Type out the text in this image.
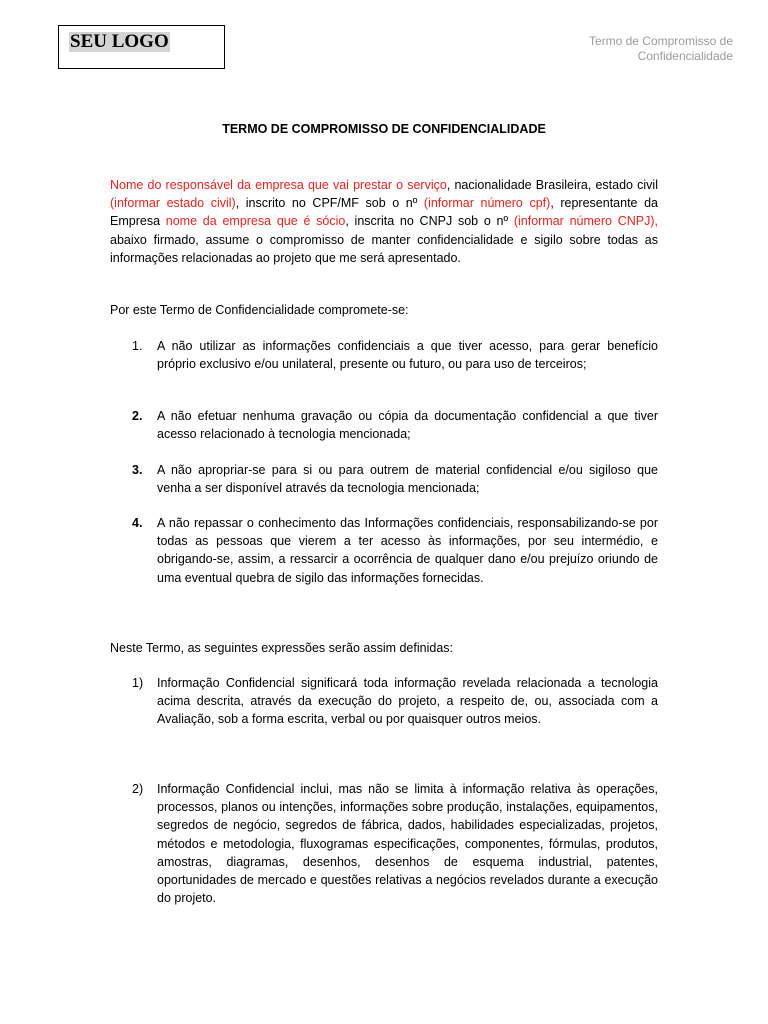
SEU LOGO	Termo de Compromisso de
Confidencialidade
TERMO DE COMPROMISSO DE CONFIDENCIALIDADE
Nome do responsável da empresa que vai prestar o serviço, nacionalidade Brasileira, estado civil (informar estado civil), inscrito no CPF/MF sob o nº (informar número cpf), representante da Empresa nome da empresa que é sócio, inscrita no CNPJ sob o nº (informar número CNPJ), abaixo firmado, assume o compromisso de manter confidencialidade e sigilo sobre todas as informações relacionadas ao projeto que me será apresentado.
Por este Termo de Confidencialidade compromete-se:
1.	A não utilizar as informações confidenciais a que tiver acesso, para gerar benefício próprio exclusivo e/ou unilateral, presente ou futuro, ou para uso de terceiros;
2.	A não efetuar nenhuma gravação ou cópia da documentação confidencial a que tiver acesso relacionado à tecnologia mencionada;
3.	A não apropriar-se para si ou para outrem de material confidencial e/ou sigiloso que venha a ser disponível através da tecnologia mencionada;
4.	A não repassar o conhecimento das Informações confidenciais, responsabilizando-se por todas as pessoas que vierem a ter acesso às informações, por seu intermédio, e obrigando-se, assim, a ressarcir a ocorrência de qualquer dano e/ou prejuízo oriundo de uma eventual quebra de sigilo das informações fornecidas.
Neste Termo, as seguintes expressões serão assim definidas:
1)	Informação Confidencial significará toda informação revelada relacionada a tecnologia acima descrita, através da execução do projeto, a respeito de, ou, associada com a Avaliação, sob a forma escrita, verbal ou por quaisquer outros meios.
2)	Informação Confidencial inclui, mas não se limita à informação relativa às operações, processos, planos ou intenções, informações sobre produção, instalações, equipamentos, segredos de negócio, segredos de fábrica, dados, habilidades especializadas, projetos, métodos e metodologia, fluxogramas especificações, componentes, fórmulas, produtos, amostras, diagramas, desenhos, desenhos de esquema industrial, patentes, oportunidades de mercado e questões relativas a negócios revelados durante a execução do projeto.
